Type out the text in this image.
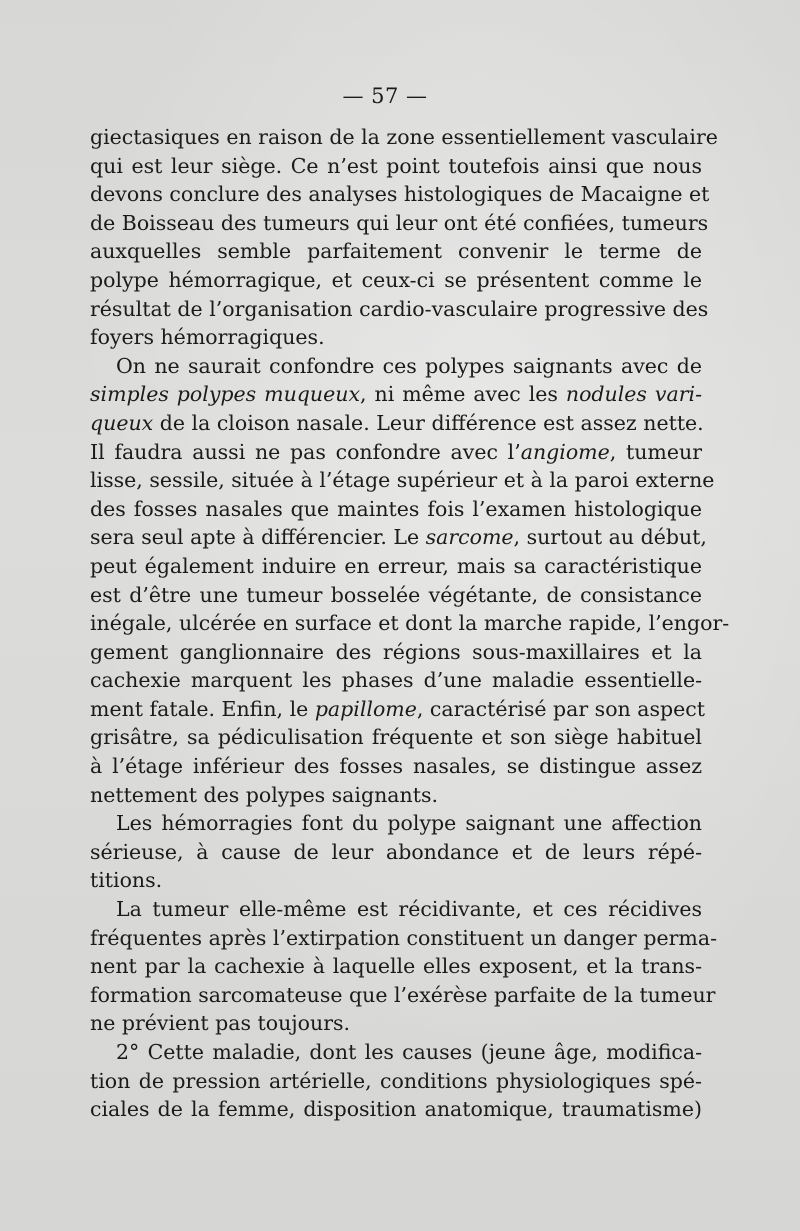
— 57 —
giectasiques en raison de la zone essentiellement vasculaire
qui est leur siège. Ce n’est point toutefois ainsi que nous
devons conclure des analyses histologiques de Macaigne et
de Boisseau des tumeurs qui leur ont été confiées, tumeurs
auxquelles semble parfaitement convenir le terme de
polype hémorragique, et ceux-ci se présentent comme le
résultat de l’organisation cardio-vasculaire progressive des
foyers hémorragiques.
On ne saurait confondre ces polypes saignants avec de
simples polypes muqueux, ni même avec les nodules vari-
queux de la cloison nasale. Leur différence est assez nette.
Il faudra aussi ne pas confondre avec l’angiome, tumeur
lisse, sessile, située à l’étage supérieur et à la paroi externe
des fosses nasales que maintes fois l’examen histologique
sera seul apte à différencier. Le sarcome, surtout au début,
peut également induire en erreur, mais sa caractéristique
est d’être une tumeur bosselée végétante, de consistance
inégale, ulcérée en surface et dont la marche rapide, l’engor-
gement ganglionnaire des régions sous-maxillaires et la
cachexie marquent les phases d’une maladie essentielle-
ment fatale. Enfin, le papillome, caractérisé par son aspect
grisâtre, sa pédiculisation fréquente et son siège habituel
à l’étage inférieur des fosses nasales, se distingue assez
nettement des polypes saignants.
Les hémorragies font du polype saignant une affection
sérieuse, à cause de leur abondance et de leurs répé-
titions.
La tumeur elle-même est récidivante, et ces récidives
fréquentes après l’extirpation constituent un danger perma-
nent par la cachexie à laquelle elles exposent, et la trans-
formation sarcomateuse que l’exérèse parfaite de la tumeur
ne prévient pas toujours.
2° Cette maladie, dont les causes (jeune âge, modifica-
tion de pression artérielle, conditions physiologiques spé-
ciales de la femme, disposition anatomique, traumatisme)
